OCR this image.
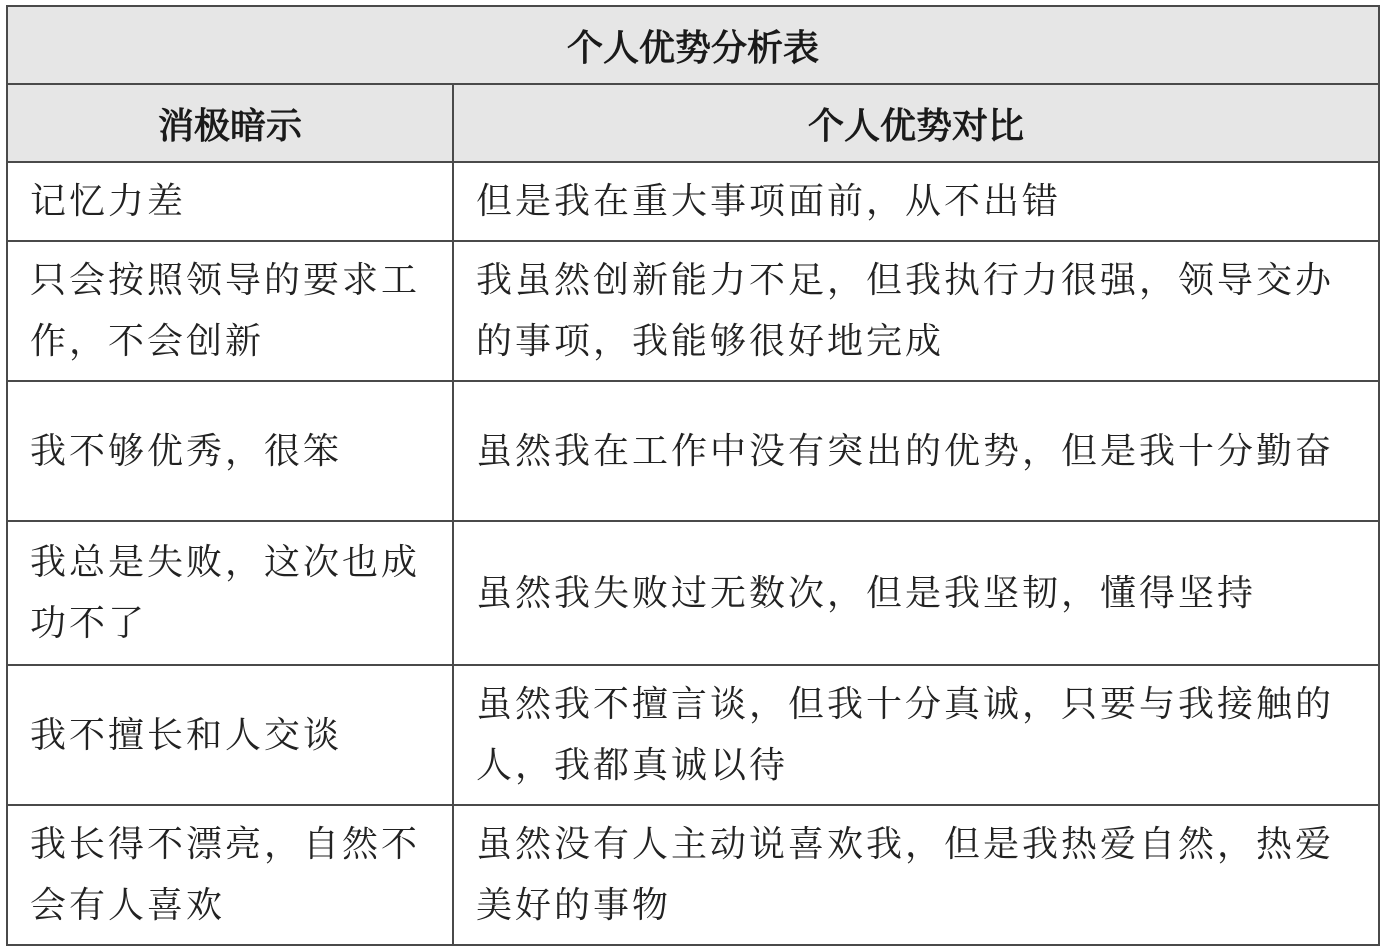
个人优势分析表	
消极暗示	个人优势对比
记忆力差	但是我在重大事项面前，从不出错
只会按照领导的要求工作，不会创新	我虽然创新能力不足，但我执行力很强，领导交办的事项，我能够很好地完成
我不够优秀，很笨	虽然我在工作中没有突出的优势，但是我十分勤奋
我总是失败，这次也成功不了	虽然我失败过无数次，但是我坚韧，懂得坚持
我不擅长和人交谈	虽然我不擅言谈，但我十分真诚，只要与我接触的人，我都真诚以待
我长得不漂亮，自然不会有人喜欢	虽然没有人主动说喜欢我，但是我热爱自然，热爱美好的事物
